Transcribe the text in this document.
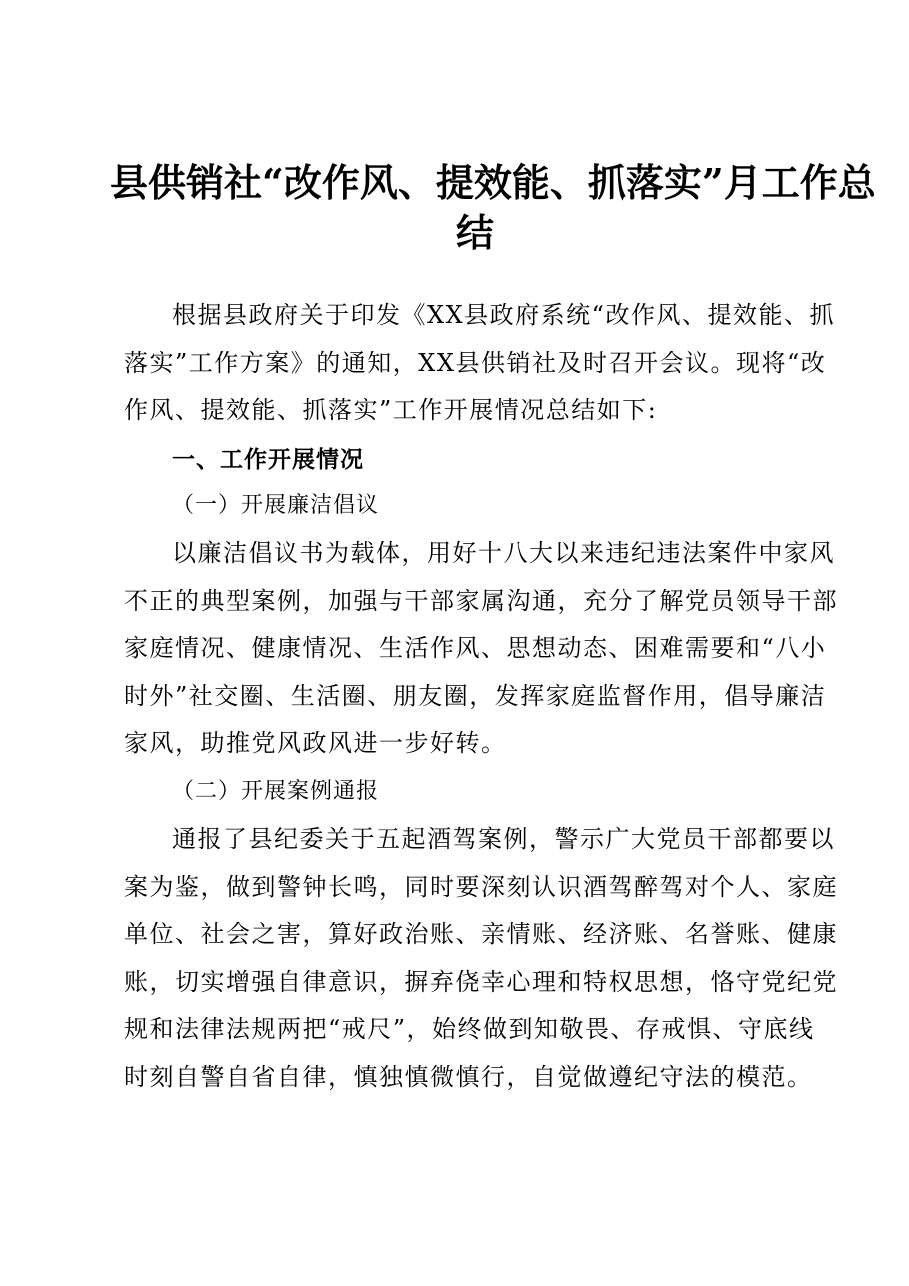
县供销社“改作风、提效能、抓落实”月工作总
结
根据县政府关于印发《XX县政府系统“改作风、提效能、抓
落实”工作方案》的通知，XX县供销社及时召开会议。现将“改
作风、提效能、抓落实”工作开展情况总结如下:
一、工作开展情况
（一）开展廉洁倡议
以廉洁倡议书为载体，用好十八大以来违纪违法案件中家风
不正的典型案例，加强与干部家属沟通，充分了解党员领导干部
家庭情况、健康情况、生活作风、思想动态、困难需要和“八小
时外”社交圈、生活圈、朋友圈，发挥家庭监督作用，倡导廉洁
家风，助推党风政风进一步好转。
（二）开展案例通报
通报了县纪委关于五起酒驾案例，警示广大党员干部都要以
案为鉴，做到警钟长鸣，同时要深刻认识酒驾醉驾对个人、家庭
单位、社会之害，算好政治账、亲情账、经济账、名誉账、健康
账，切实增强自律意识，摒弃侥幸心理和特权思想，恪守党纪党
规和法律法规两把“戒尺”，始终做到知敬畏、存戒惧、守底线
时刻自警自省自律，慎独慎微慎行，自觉做遵纪守法的模范。
